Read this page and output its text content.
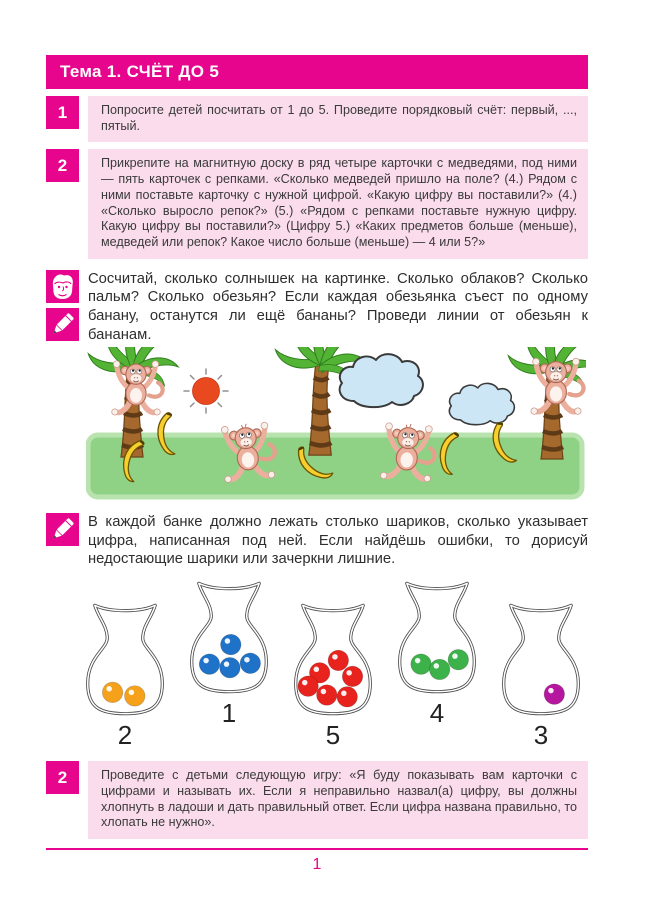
Тема 1. СЧЁТ ДО 5
1	Попросите детей посчитать от 1 до 5. Проведите порядковый счёт: первый, ..., пятый.
2	Прикрепите на магнитную доску в ряд четыре карточки с медведями, под ними — пять карточек с репками. «Сколько медведей пришло на поле? (4.) Рядом с ними поставьте карточку с нужной цифрой. «Какую цифру вы поставили?» (4.) «Сколько выросло репок?» (5.) «Рядом с репками поставьте нужную цифру. Какую цифру вы поставили?» (Цифру 5.) «Каких предметов больше (меньше), медведей или репок? Какое число больше (меньше) — 4 или 5?»

Сосчитай, сколько солнышек на картинке. Сколько облаков? Сколько пальм? Сколько обезьян? Если каждая обезьянка съест по одному банану, останутся ли ещё бананы? Проведи линии от обезьян к бананам.

В каждой банке должно лежать столько шариков, сколько указывает цифра, написанная под ней. Если найдёшь ошибки, то дорисуй недостающие шарики или зачеркни лишние.

2
1
5
4
3
2	Проведите с детьми следующую игру: «Я буду показывать вам карточки с цифрами и называть их. Если я неправильно назвал(а) цифру, вы должны хлопнуть в ладоши и дать правильный ответ. Если цифра названа правильно, то хлопать не нужно».
1
